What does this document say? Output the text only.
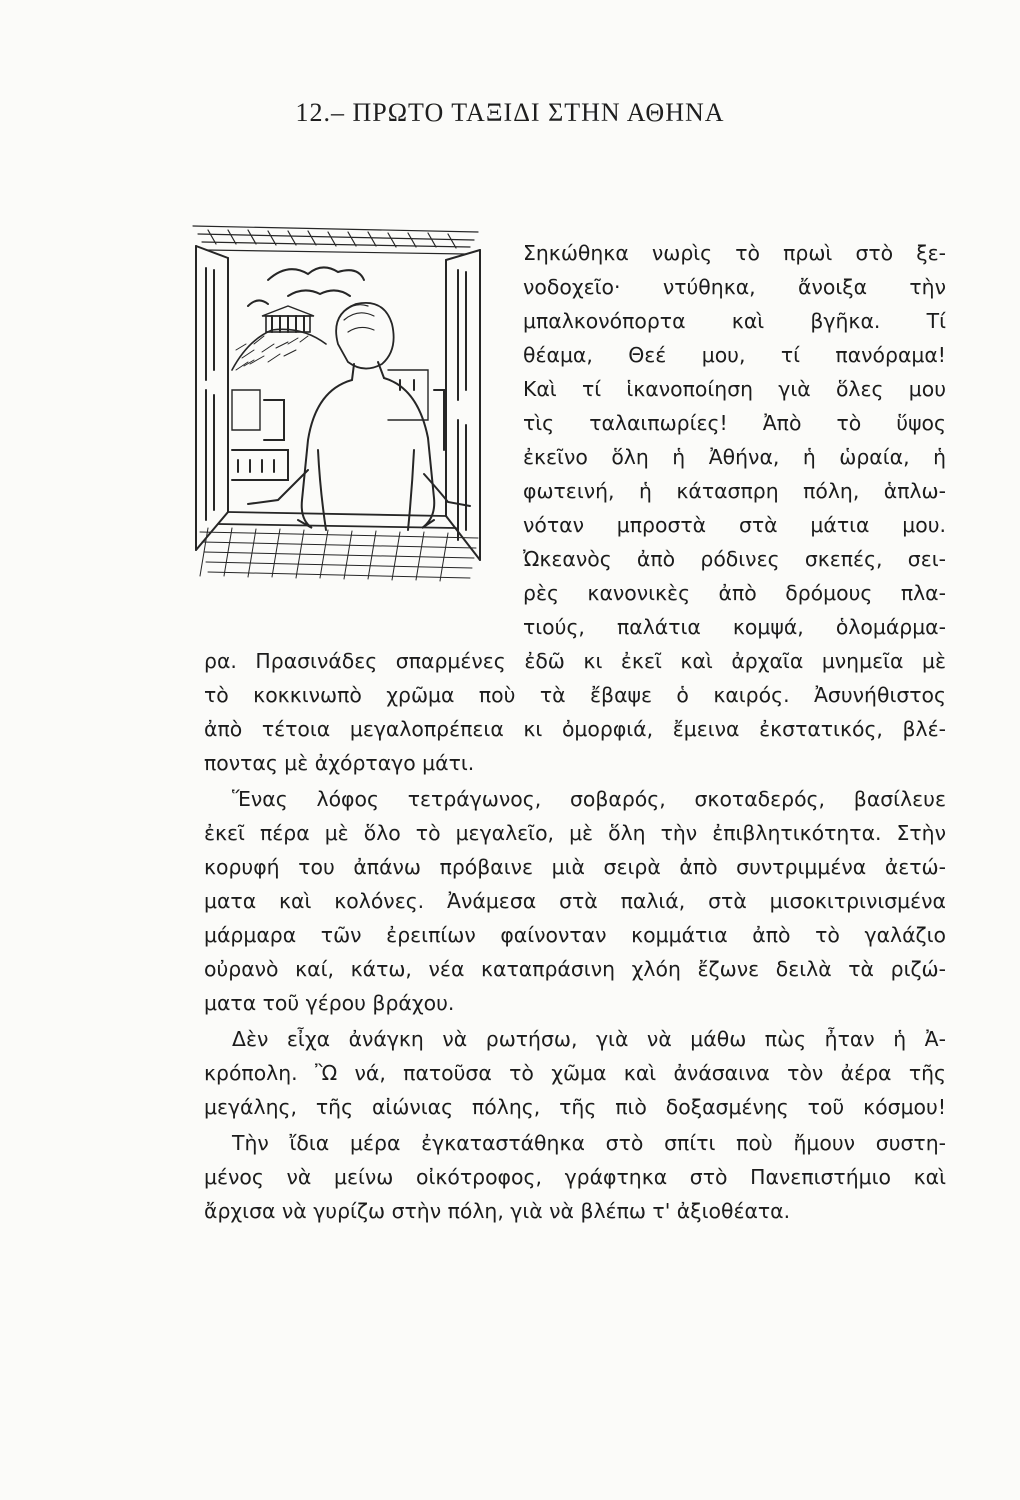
12.– ΠΡΩΤΟ ΤΑΞΙΔΙ ΣΤΗΝ ΑΘΗΝΑ
Σηκώθηκα νωρὶς τὸ πρωὶ στὸ ξε-
νοδοχεῖο· ντύθηκα, ἄνοιξα τὴν
μπαλκονόπορτα καὶ βγῆκα. Τί
θέαμα, Θεέ μου, τί πανόραμα!
Καὶ τί ἱκανοποίηση γιὰ ὅλες μου
τὶς ταλαιπωρίες! Ἀπὸ τὸ ὕψος
ἐκεῖνο ὅλη ἡ Ἀθήνα, ἡ ὡραία, ἡ
φωτεινή, ἡ κάτασπρη πόλη, ἁπλω-
νόταν μπροστὰ στὰ μάτια μου.
Ὠκεανὸς ἀπὸ ρόδινες σκεπές, σει-
ρὲς κανονικὲς ἀπὸ δρόμους πλα-
τιούς, παλάτια κομψά, ὁλομάρμα-
ρα. Πρασινάδες σπαρμένες ἐδῶ κι ἐκεῖ καὶ ἀρχαῖα μνημεῖα μὲ
τὸ κοκκινωπὸ χρῶμα ποὺ τὰ ἔβαψε ὁ καιρός. Ἀσυνήθιστος
ἀπὸ τέτοια μεγαλοπρέπεια κι ὀμορφιά, ἔμεινα ἐκστατικός, βλέ-
ποντας μὲ ἀχόρταγο μάτι.
Ἕνας λόφος τετράγωνος, σοβαρός, σκοταδερός, βασίλευε
ἐκεῖ πέρα μὲ ὅλο τὸ μεγαλεῖο, μὲ ὅλη τὴν ἐπιβλητικότητα. Στὴν
κορυφή του ἀπάνω πρόβαινε μιὰ σειρὰ ἀπὸ συντριμμένα ἀετώ-
ματα καὶ κολόνες. Ἀνάμεσα στὰ παλιά, στὰ μισοκιτρινισμένα
μάρμαρα τῶν ἐρειπίων φαίνονταν κομμάτια ἀπὸ τὸ γαλάζιο
οὐρανὸ καί, κάτω, νέα καταπράσινη χλόη ἔζωνε δειλὰ τὰ ριζώ-
ματα τοῦ γέρου βράχου.
Δὲν εἶχα ἀνάγκη νὰ ρωτήσω, γιὰ νὰ μάθω πὼς ἦταν ἡ Ἀ-
κρόπολη. Ὢ νά, πατοῦσα τὸ χῶμα καὶ ἀνάσαινα τὸν ἀέρα τῆς
μεγάλης, τῆς αἰώνιας πόλης, τῆς πιὸ δοξασμένης τοῦ κόσμου!
Τὴν ἴδια μέρα ἐγκαταστάθηκα στὸ σπίτι ποὺ ἤμουν συστη-
μένος νὰ μείνω οἰκότροφος, γράφτηκα στὸ Πανεπιστήμιο καὶ
ἄρχισα νὰ γυρίζω στὴν πόλη, γιὰ νὰ βλέπω τ' ἀξιοθέατα.
